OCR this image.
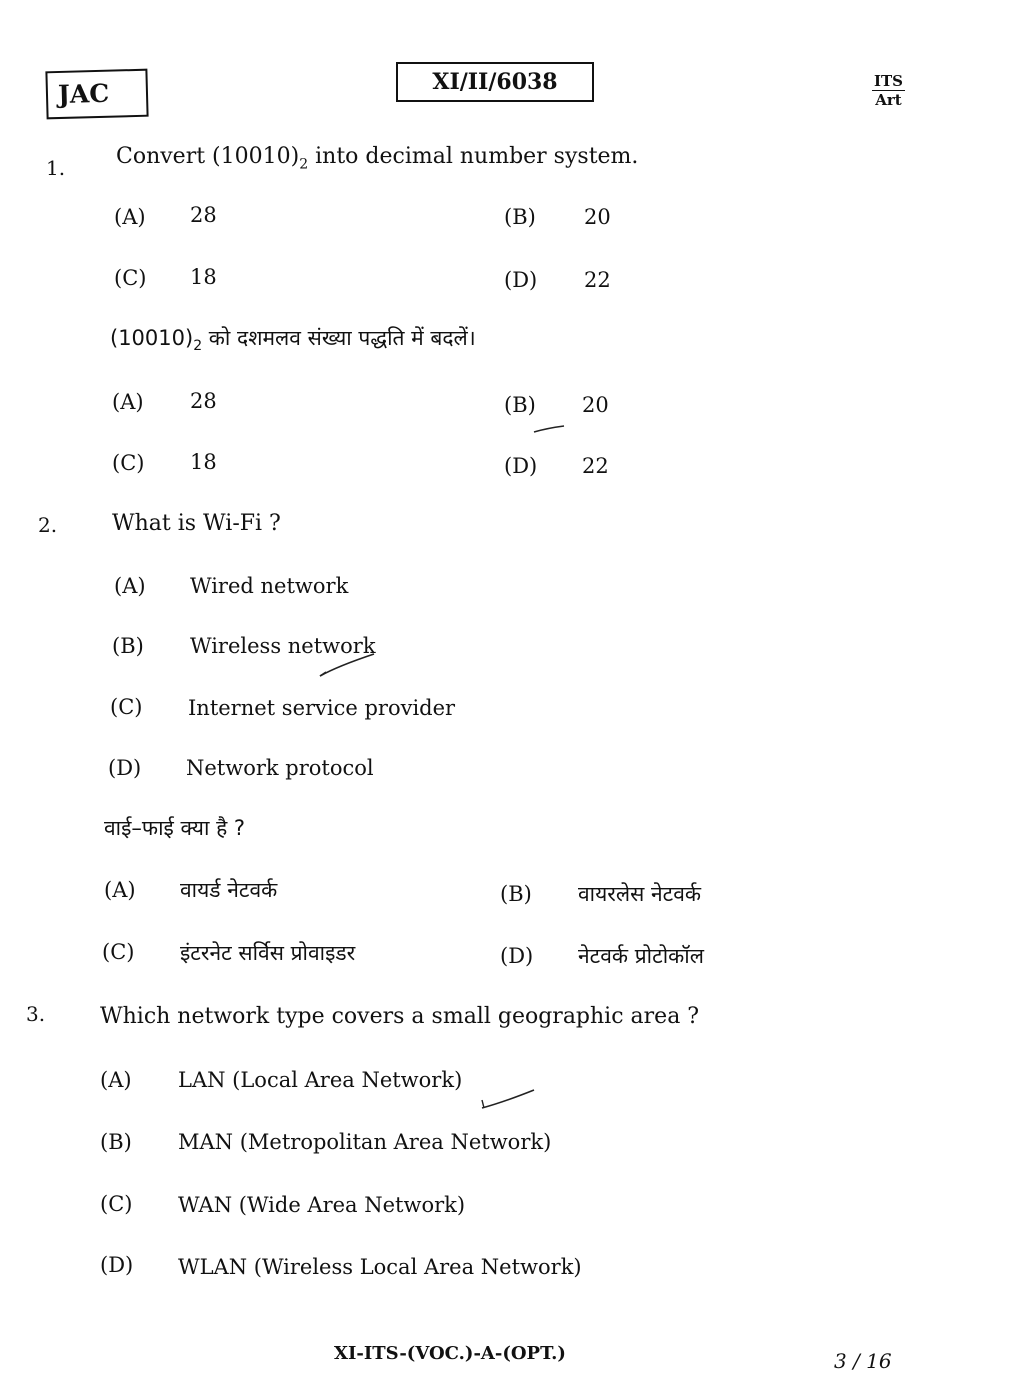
JAC	XI/II/6038	ITS
Art
1. Convert $(10010)_2$ into decimal number system.
(A) 28	(B) 20
(C) 18	(D) 22
$(10010)_2$ को दशमलव संख्या पद्धति में बदलें।
(A) 28	(B) 20
(C) 18	(D) 22
2. What is Wi-Fi ?
(A) Wired network
(B) Wireless network
(C) Internet service provider
(D) Network protocol
वाई–फाई क्या है ?
(A) वायर्ड नेटवर्क	(B) वायरलेस नेटवर्क
(C) इंटरनेट सर्विस प्रोवाइडर	(D) नेटवर्क प्रोटोकॉल
3. Which network type covers a small geographic area ?
(A) LAN (Local Area Network)
(B) MAN (Metropolitan Area Network)
(C) WAN (Wide Area Network)
(D) WLAN (Wireless Local Area Network)
XI-ITS-(VOC.)-A-(OPT.)	3 / 16
